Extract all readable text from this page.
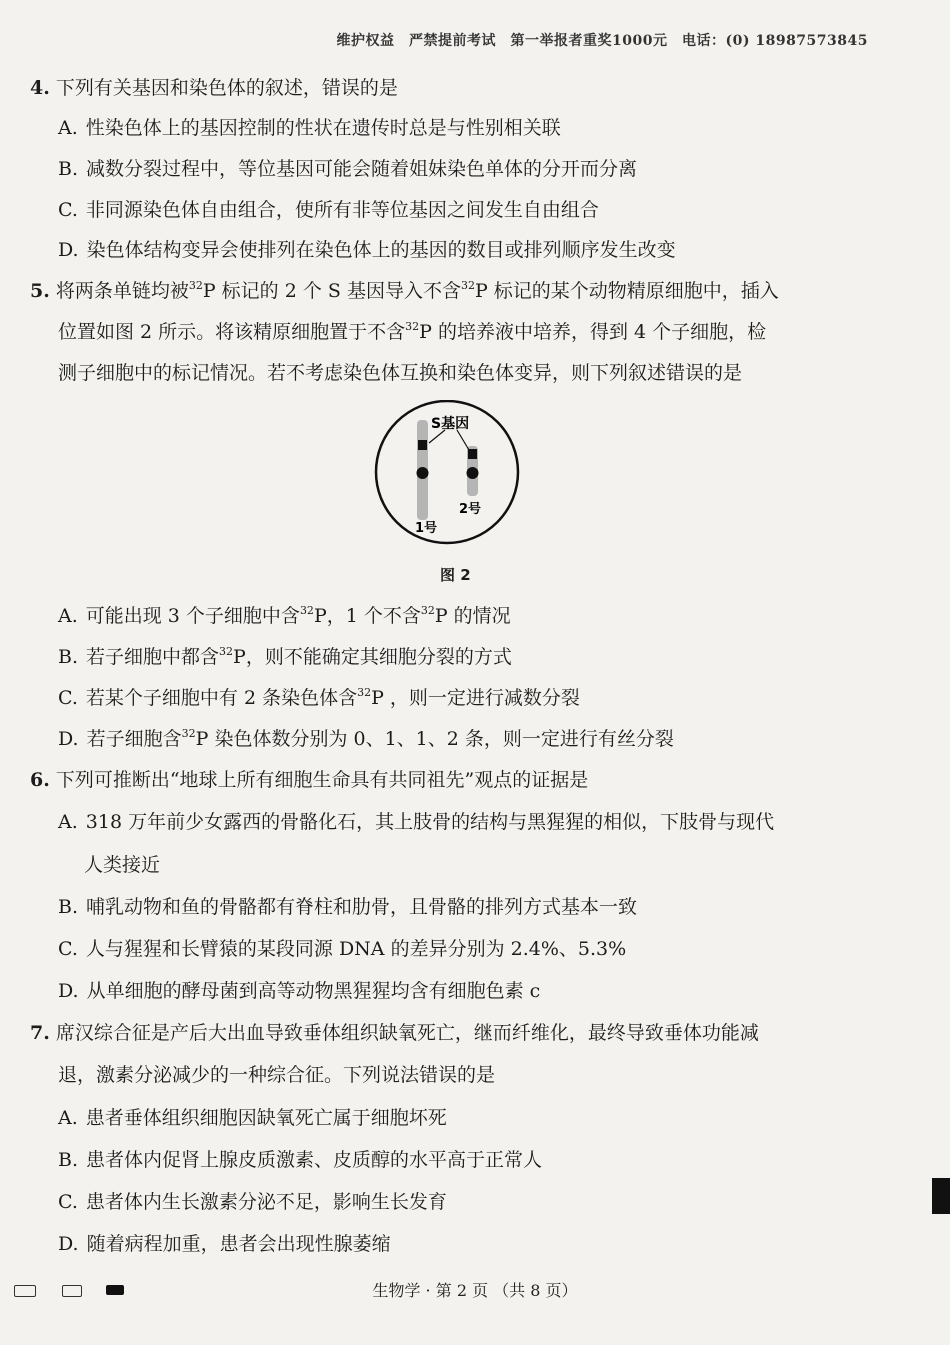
维护权益　严禁提前考试　第一举报者重奖1000元　电话：(0) 18987573845
4. 下列有关基因和染色体的叙述，错误的是
A. 性染色体上的基因控制的性状在遗传时总是与性别相关联
B. 减数分裂过程中，等位基因可能会随着姐妹染色单体的分开而分离
C. 非同源染色体自由组合，使所有非等位基因之间发生自由组合
D. 染色体结构变异会使排列在染色体上的基因的数目或排列顺序发生改变
5. 将两条单链均被$^{32}$P 标记的 2 个 S 基因导入不含$^{32}$P 标记的某个动物精原细胞中，插入
位置如图 2 所示。将该精原细胞置于不含$^{32}$P 的培养液中培养，得到 4 个子细胞，检
测子细胞中的标记情况。若不考虑染色体互换和染色体变异，则下列叙述错误的是
S基因
2号
1号
图 2
A. 可能出现 3 个子细胞中含$^{32}$P，1 个不含$^{32}$P 的情况
B. 若子细胞中都含$^{32}$P，则不能确定其细胞分裂的方式
C. 若某个子细胞中有 2 条染色体含$^{32}$P ，则一定进行减数分裂
D. 若子细胞含$^{32}$P 染色体数分别为 0、1、1、2 条，则一定进行有丝分裂
6. 下列可推断出“地球上所有细胞生命具有共同祖先”观点的证据是
A. 318 万年前少女露西的骨骼化石，其上肢骨的结构与黑猩猩的相似，下肢骨与现代
人类接近
B. 哺乳动物和鱼的骨骼都有脊柱和肋骨，且骨骼的排列方式基本一致
C. 人与猩猩和长臂猿的某段同源 DNA 的差异分别为 2.4%、5.3%
D. 从单细胞的酵母菌到高等动物黑猩猩均含有细胞色素 c
7. 席汉综合征是产后大出血导致垂体组织缺氧死亡，继而纤维化，最终导致垂体功能减
退，激素分泌减少的一种综合征。下列说法错误的是
A. 患者垂体组织细胞因缺氧死亡属于细胞坏死
B. 患者体内促肾上腺皮质激素、皮质醇的水平高于正常人
C. 患者体内生长激素分泌不足，影响生长发育
D. 随着病程加重，患者会出现性腺萎缩
生物学 · 第 2 页 （共 8 页）
